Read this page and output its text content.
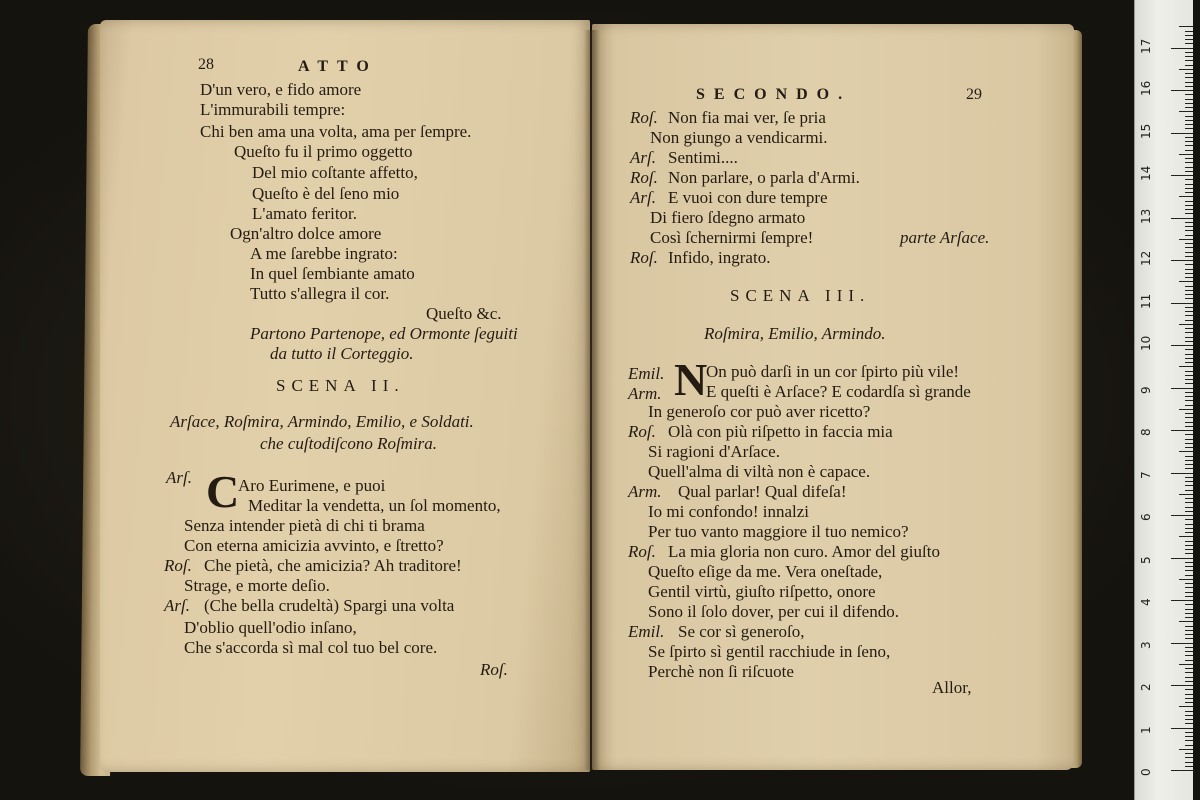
28	ATTO
D'un vero, e fido amore
L'immurabili tempre:
Chi ben ama una volta, ama per ſempre.
Queſto fu il primo oggetto
Del mio coſtante affetto,
Queſto è del ſeno mio
L'amato feritor.
Ogn'altro dolce amore
A me ſarebbe ingrato:
In quel ſembiante amato
Tutto s'allegra il cor.
Queſto &c.
Partono Partenope, ed Ormonte ſeguiti
da tutto il Corteggio.
SCENA II.
Arſace, Roſmira, Armindo, Emilio, e Soldati.
che cuſtodiſcono Roſmira.
Arſ. C
Aro Eurimene, e puoi
Meditar la vendetta, un ſol momento,
Senza intender pietà di chi ti brama
Con eterna amicizia avvinto, e ſtretto?
Roſ. Che pietà, che amicizia? Ah traditore!
Strage, e morte deſio.
Arſ. (Che bella crudeltà) Spargi una volta
D'oblio quell'odio inſano,
Che s'accorda sì mal col tuo bel core.
Roſ.
SECONDO.	29
Roſ. Non fia mai ver, ſe pria
Non giungo a vendicarmi.
Arſ. Sentimi....
Roſ. Non parlare, o parla d'Armi.
Arſ. E vuoi con dure tempre
Di fiero ſdegno armato
Così ſchernirmi ſempre!	parte Arſace.
Roſ. Infido, ingrato.
SCENA III.
Roſmira, Emilio, Armindo.
Emil. N
On può darſi in un cor ſpirto più vile!
Arm.	E queſti è Arſace? E codardſa sì grande
In generoſo cor può aver ricetto?
Roſ. Olà con più riſpetto in faccia mia
Si ragioni d'Arſace.
Quell'alma di viltà non è capace.
Arm. Qual parlar! Qual difeſa!
Io mi confondo! innalzi
Per tuo vanto maggiore il tuo nemico?
Roſ. La mia gloria non curo. Amor del giuſto
Queſto eſige da me. Vera oneſtade,
Gentil virtù, giuſto riſpetto, onore
Sono il ſolo dover, per cui il difendo.
Emil. Se cor sì generoſo,
Se ſpirto sì gentil racchiude in ſeno,
Perchè non ſi riſcuote
Allor,
0
1
2
3
4
5
6
7
8
9
10
11
12
13
14
15
16
17
